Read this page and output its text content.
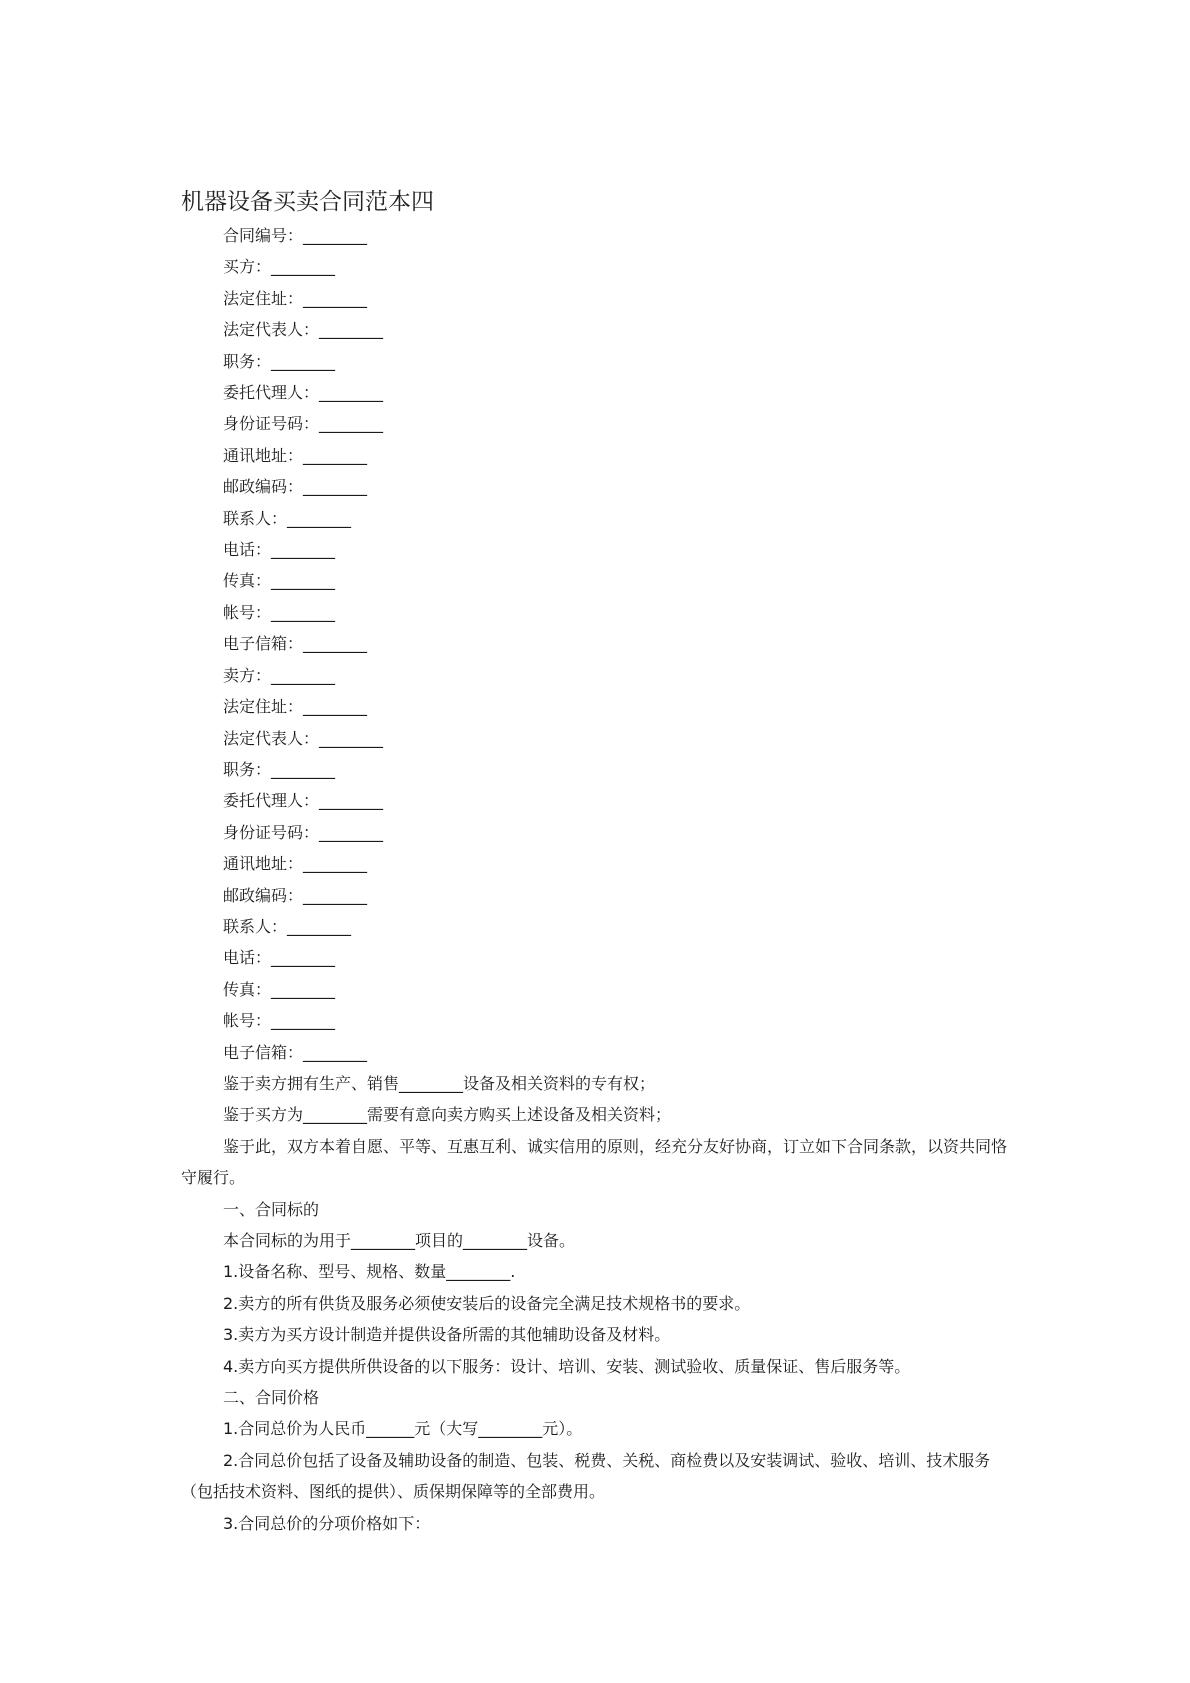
机器设备买卖合同范本四

合同编号：________

买方：________

法定住址：________

法定代表人：________

职务：________

委托代理人：________

身份证号码：________

通讯地址：________

邮政编码：________

联系人：________

电话：________

传真：________

帐号：________

电子信箱：________

卖方：________

法定住址：________

法定代表人：________

职务：________

委托代理人：________

身份证号码：________

通讯地址：________

邮政编码：________

联系人：________

电话：________

传真：________

帐号：________

电子信箱：________

鉴于卖方拥有生产、销售________设备及相关资料的专有权；

鉴于买方为________需要有意向卖方购买上述设备及相关资料；

鉴于此，双方本着自愿、平等、互惠互利、诚实信用的原则，经充分友好协商，订立如下合同条款，以资共同恪守履行。

一、合同标的

本合同标的为用于________项目的________设备。

1.设备名称、型号、规格、数量________.

2.卖方的所有供货及服务必须使安装后的设备完全满足技术规格书的要求。

3.卖方为买方设计制造并提供设备所需的其他辅助设备及材料。

4.卖方向买方提供所供设备的以下服务：设计、培训、安装、测试验收、质量保证、售后服务等。

二、合同价格

1.合同总价为人民币______元（大写________元）。

2.合同总价包括了设备及辅助设备的制造、包装、税费、关税、商检费以及安装调试、验收、培训、技术服务（包括技术资料、图纸的提供）、质保期保障等的全部费用。

3.合同总价的分项价格如下：
